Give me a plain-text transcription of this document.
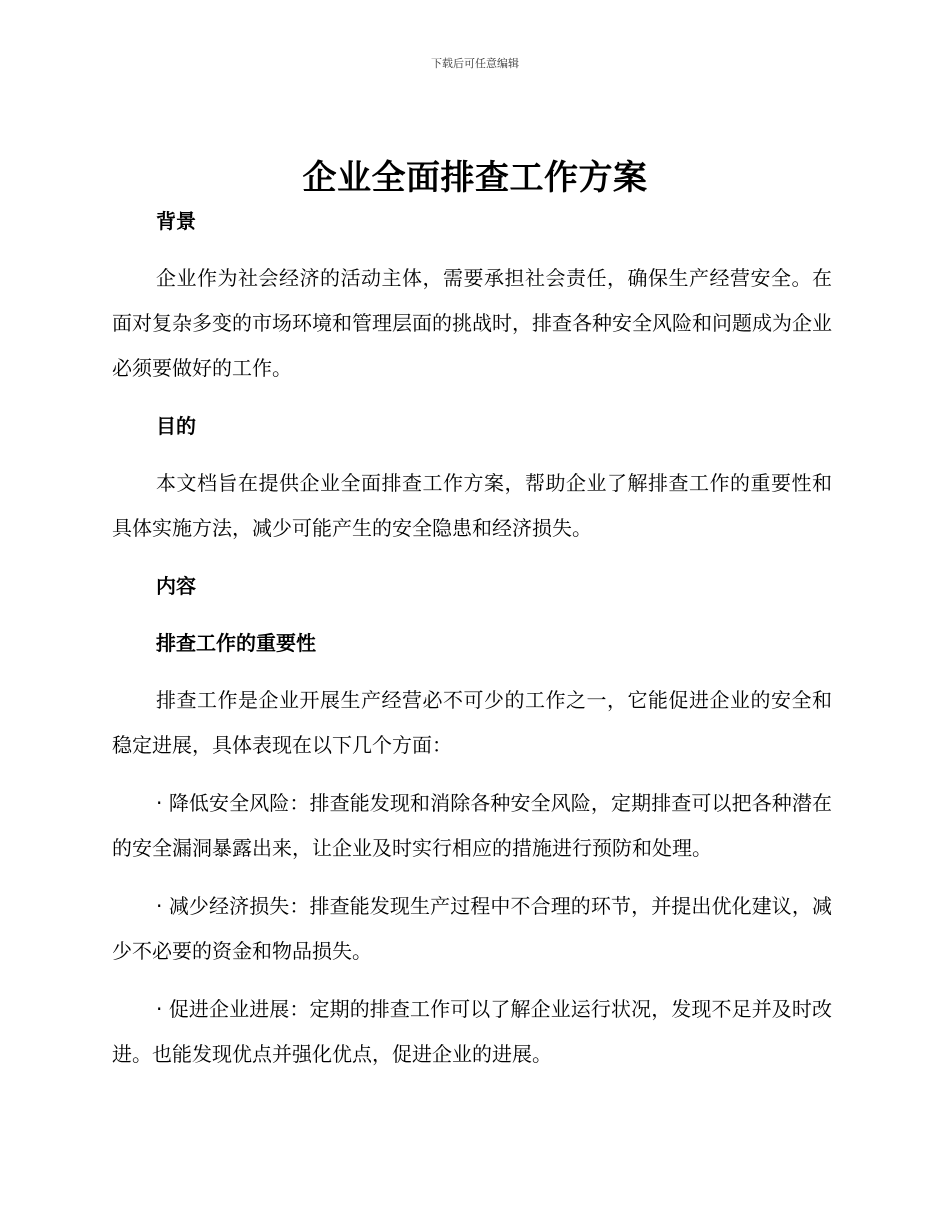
下载后可任意编辑
企业全面排查工作方案

背景

企业作为社会经济的活动主体，需要承担社会责任，确保生产经营安全。在面对复杂多变的市场环境和管理层面的挑战时，排查各种安全风险和问题成为企业必须要做好的工作。

目的

本文档旨在提供企业全面排查工作方案，帮助企业了解排查工作的重要性和具体实施方法，减少可能产生的安全隐患和经济损失。

内容

排查工作的重要性

排查工作是企业开展生产经营必不可少的工作之一，它能促进企业的安全和稳定进展，具体表现在以下几个方面：

· 降低安全风险：排查能发现和消除各种安全风险，定期排查可以把各种潜在的安全漏洞暴露出来，让企业及时实行相应的措施进行预防和处理。

· 减少经济损失：排查能发现生产过程中不合理的环节，并提出优化建议，减少不必要的资金和物品损失。

· 促进企业进展：定期的排查工作可以了解企业运行状况，发现不足并及时改进。也能发现优点并强化优点，促进企业的进展。
